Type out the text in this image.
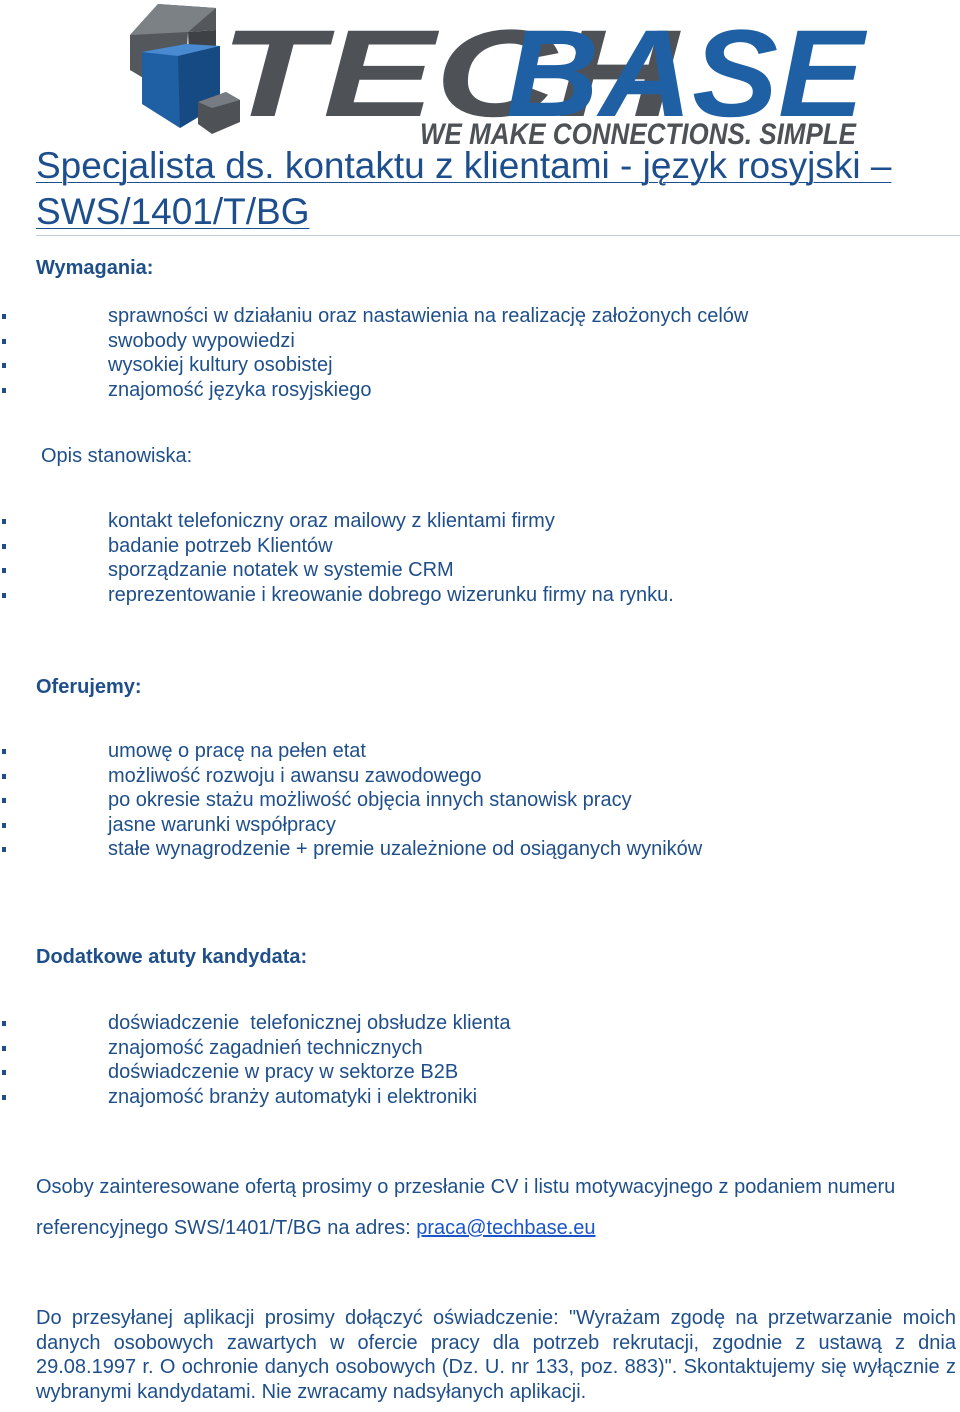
TECH
BASE
WE MAKE CONNECTIONS. SIMPLE
Specjalista ds. kontaktu z klientami - język rosyjski – SWS/1401/T/BG
Wymagania:
sprawności w działaniu oraz nastawienia na realizację założonych celów
swobody wypowiedzi
wysokiej kultury osobistej
znajomość języka rosyjskiego
Opis stanowiska:
kontakt telefoniczny oraz mailowy z klientami firmy
badanie potrzeb Klientów
sporządzanie notatek w systemie CRM
reprezentowanie i kreowanie dobrego wizerunku firmy na rynku.
Oferujemy:
umowę o pracę na pełen etat
możliwość rozwoju i awansu zawodowego
po okresie stażu możliwość objęcia innych stanowisk pracy
jasne warunki współpracy
stałe wynagrodzenie + premie uzależnione od osiąganych wyników
Dodatkowe atuty kandydata:
doświadczenie  telefonicznej obsłudze klienta
znajomość zagadnień technicznych
doświadczenie w pracy w sektorze B2B
znajomość branży automatyki i elektroniki
Osoby zainteresowane ofertą prosimy o przesłanie CV i listu motywacyjnego z podaniem numeru
referencyjnego SWS/1401/T/BG na adres: praca@techbase.eu
Do przesyłanej aplikacji prosimy dołączyć oświadczenie: "Wyrażam zgodę na przetwarzanie moich danych osobowych zawartych w ofercie pracy dla potrzeb rekrutacji, zgodnie z ustawą z dnia 29.08.1997 r. O ochronie danych osobowych (Dz. U. nr 133, poz. 883)". Skontaktujemy się wyłącznie z wybranymi kandydatami. Nie zwracamy nadsyłanych aplikacji.
